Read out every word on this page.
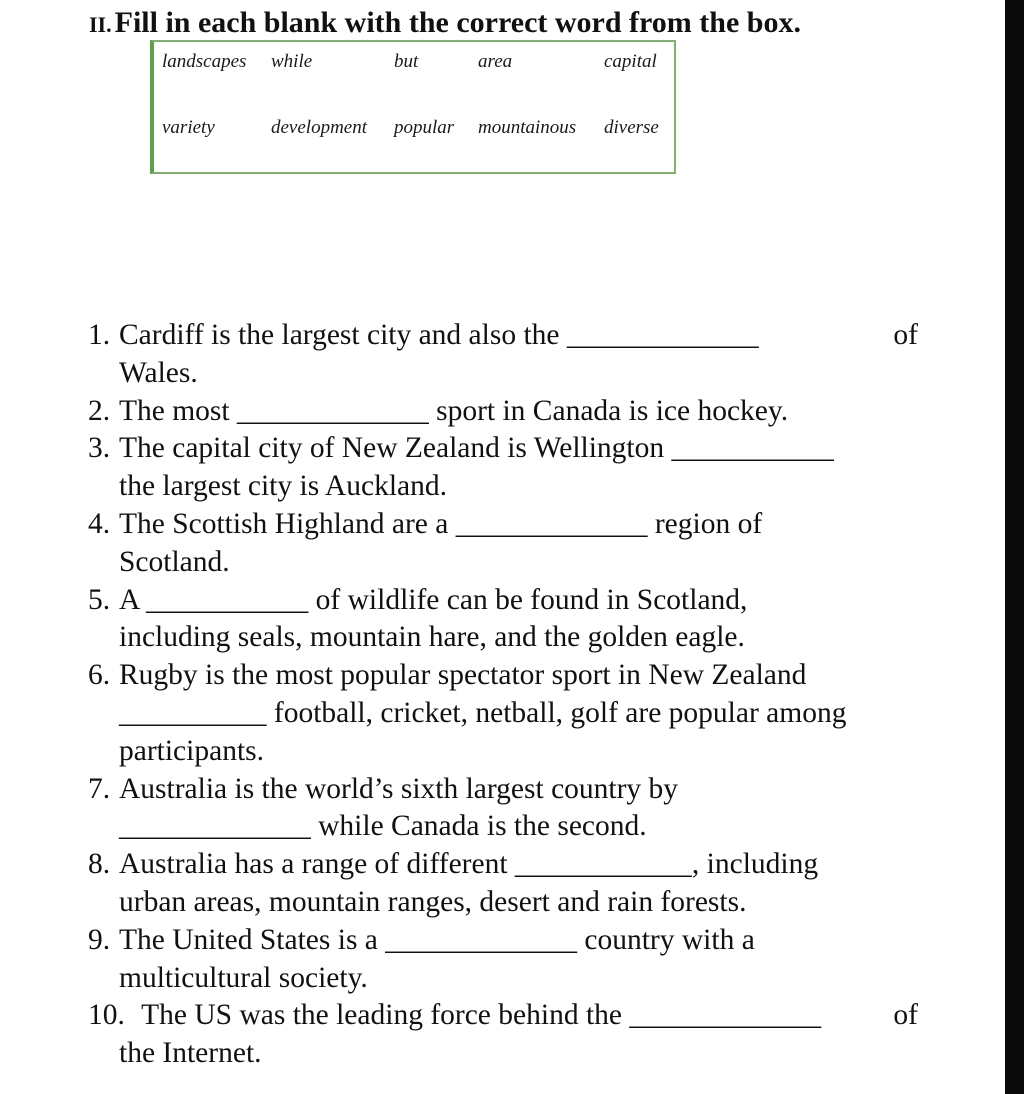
II. Fill in each blank with the correct word from the box.
landscapes	while	but	area	capital
variety	development	popular	mountainous	diverse
1. Cardiff is the largest city and also the _____________	of
Wales.
2. The most _____________ sport in Canada is ice hockey.
3. The capital city of New Zealand is Wellington ___________
the largest city is Auckland.
4. The Scottish Highland are a _____________ region of
Scotland.
5. A ___________ of wildlife can be found in Scotland,
including seals, mountain hare, and the golden eagle.
6. Rugby is the most popular spectator sport in New Zealand
__________ football, cricket, netball, golf are popular among
participants.
7. Australia is the world’s sixth largest country by
_____________ while Canada is the second.
8. Australia has a range of different ____________, including
urban areas, mountain ranges, desert and rain forests.
9. The United States is a _____________ country with a
multicultural society.
10.
The US was the leading force behind the _____________ of
the Internet.
